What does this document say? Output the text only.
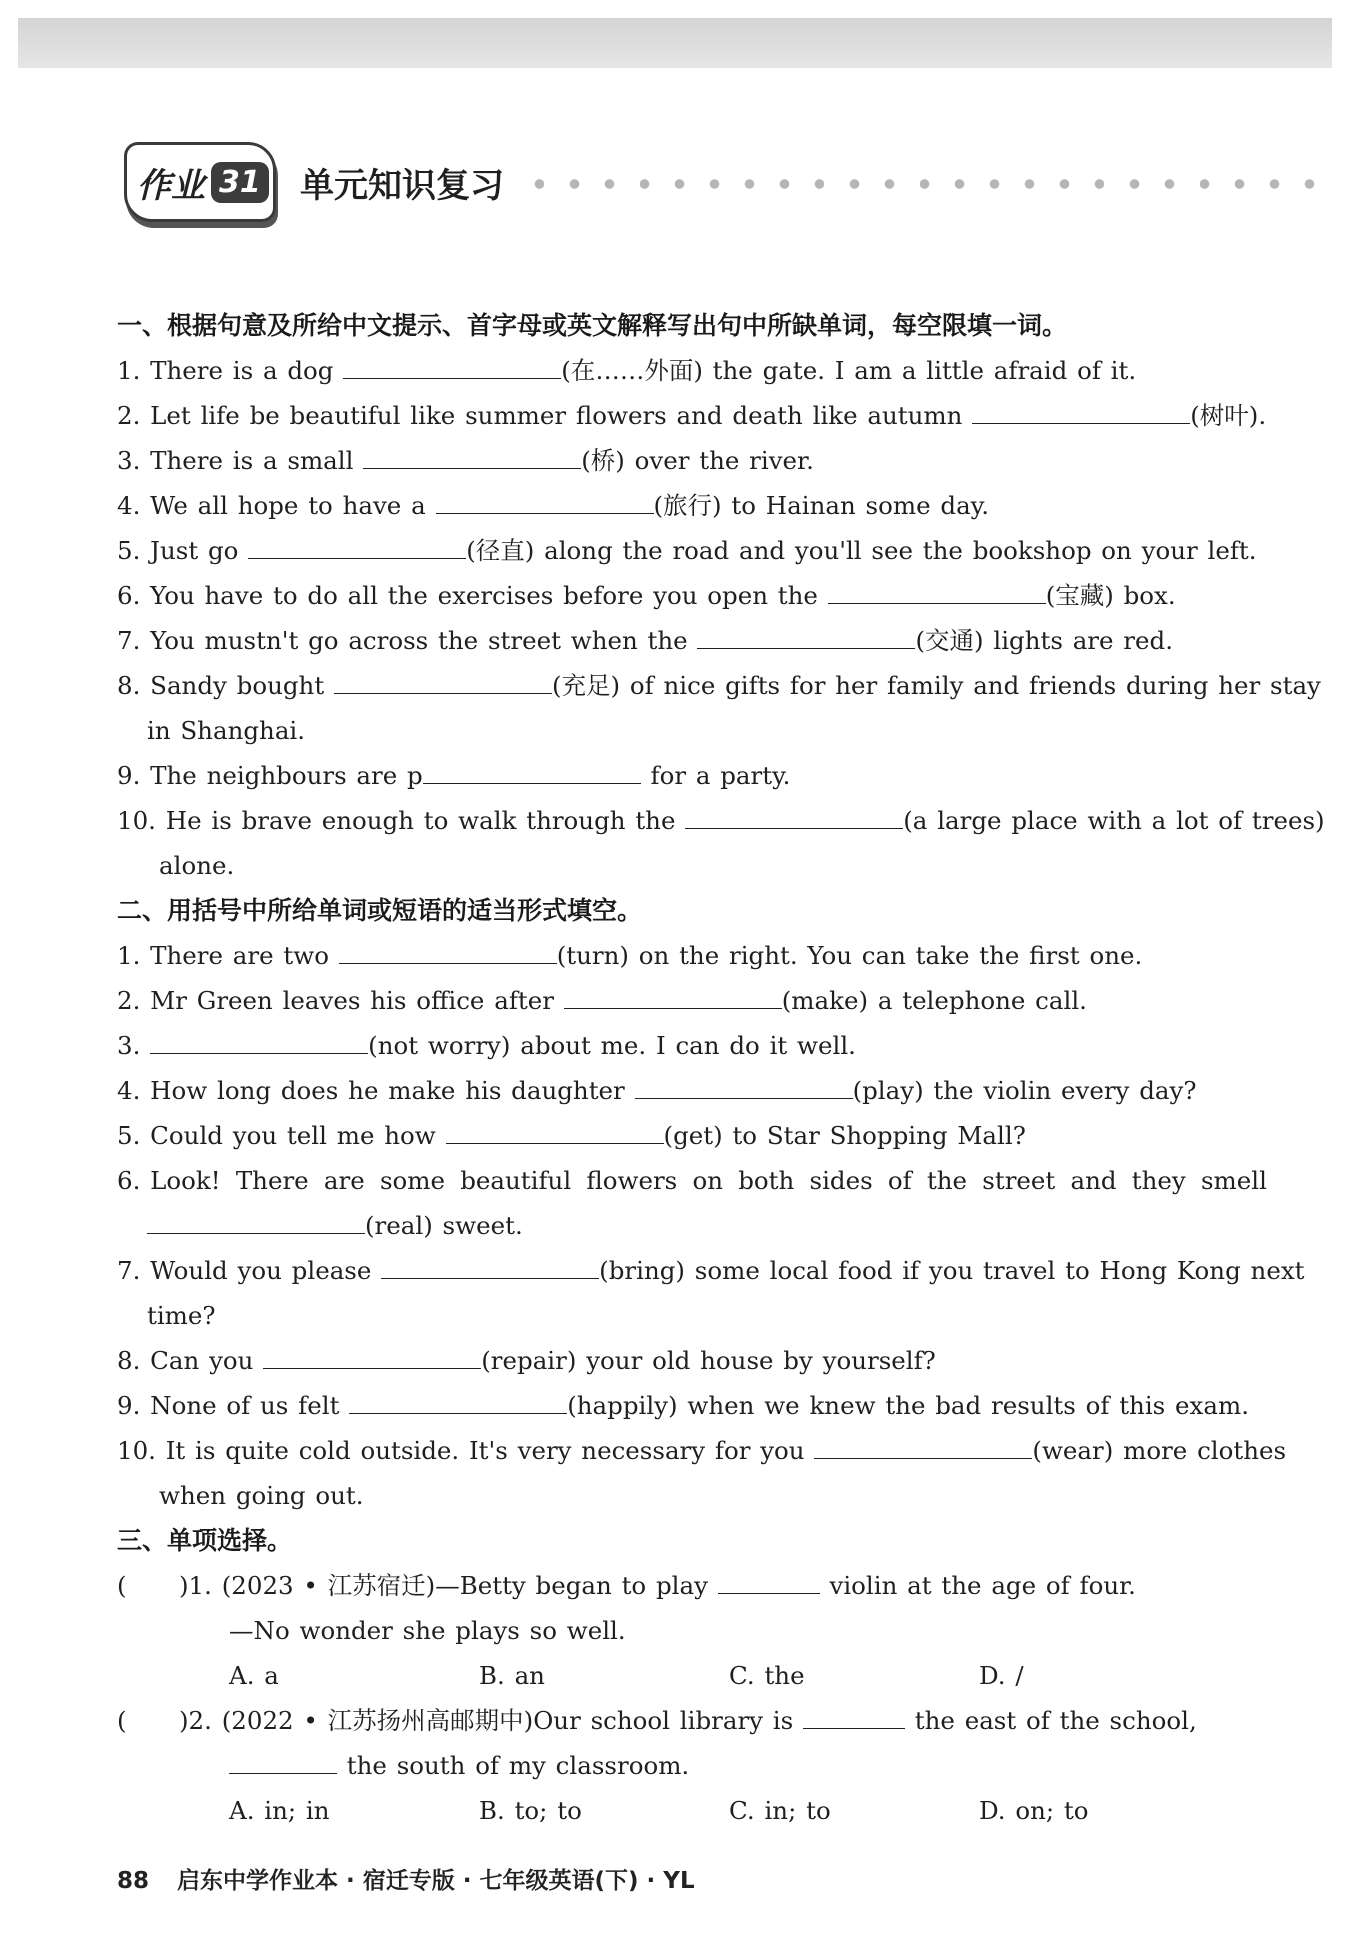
作业 31 单元知识复习
一、根据句意及所给中文提示、首字母或英文解释写出句中所缺单词，每空限填一词。
1. There is a dog	(在……外面) the gate. I am a little afraid of it.
2. Let life be beautiful like summer flowers and death like autumn	(树叶).
3. There is a small	(桥) over the river.
4. We all hope to have a	(旅行) to Hainan some day.
5. Just go	(径直) along the road and you'll see the bookshop on your left.
6. You have to do all the exercises before you open the	(宝藏) box.
7. You mustn't go across the street when the	(交通) lights are red.
8. Sandy bought	(充足) of nice gifts for her family and friends during her stay
in Shanghai.
9. The neighbours are p	for a party.
10. He is brave enough to walk through the	(a large place with a lot of trees)
alone.
二、用括号中所给单词或短语的适当形式填空。
1. There are two	(turn) on the right. You can take the first one.
2. Mr Green leaves his office after	(make) a telephone call.
3.	(not worry) about me. I can do it well.
4. How long does he make his daughter	(play) the violin every day?
5. Could you tell me how	(get) to Star Shopping Mall?
6. Look! There are some beautiful flowers on both sides of the street and they smell
(real) sweet.
7. Would you please	(bring) some local food if you travel to Hong Kong next
time?
8. Can you	(repair) your old house by yourself?
9. None of us felt	(happily) when we knew the bad results of this exam.
10. It is quite cold outside. It's very necessary for you	(wear) more clothes
when going out.
三、单项选择。
( )1. (2023 • 江苏宿迁)—Betty began to play	violin at the age of four.
—No wonder she plays so well.
A. a	B. an	C. the	D. /
( )2. (2022 • 江苏扬州高邮期中)Our school library is	the east of the school,
the south of my classroom.
A. in; in	B. to; to	C. in; to	D. on; to
88 启东中学作业本 · 宿迁专版 · 七年级英语(下) · YL
